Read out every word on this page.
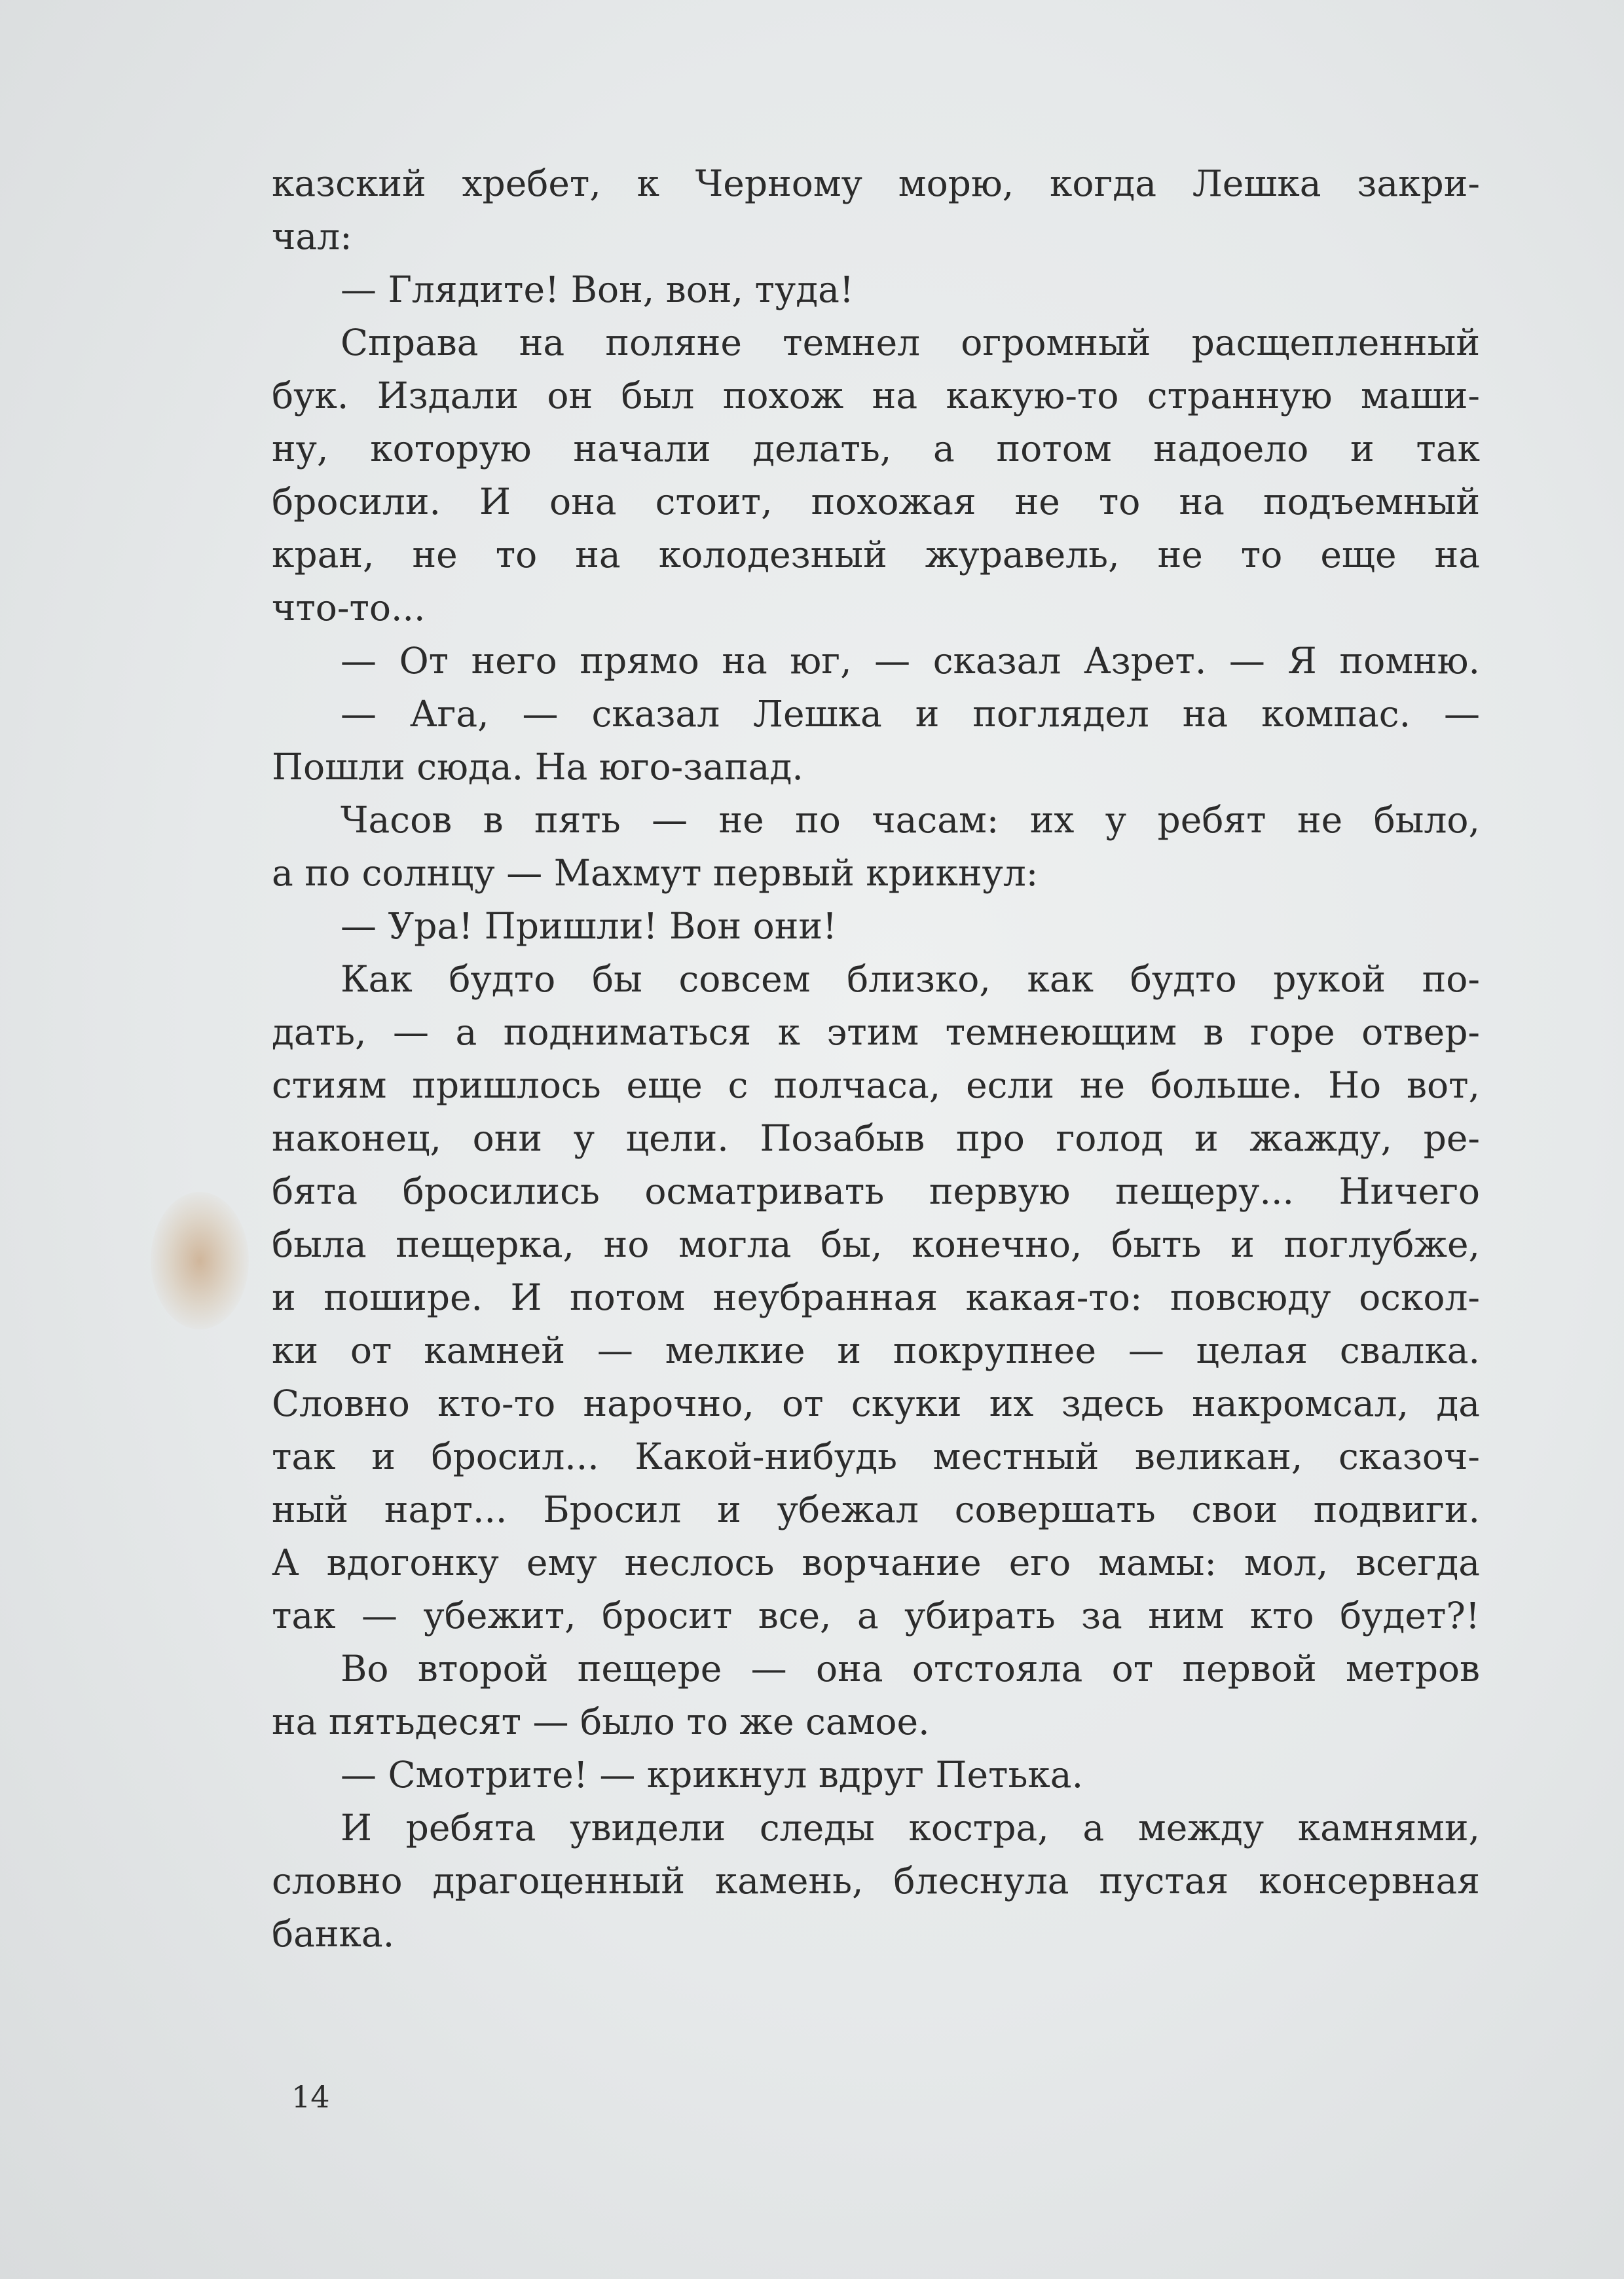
казский хребет, к Черному морю, когда Лешка закри-
чал:
— Глядите! Вон, вон, туда!
Справа на поляне темнел огромный расщепленный
бук. Издали он был похож на какую-то странную маши-
ну, которую начали делать, а потом надоело и так
бросили. И она стоит, похожая не то на подъемный
кран, не то на колодезный журавель, не то еще на
что-то...
— От него прямо на юг, — сказал Азрет. — Я помню.
— Ага, — сказал Лешка и поглядел на компас. —
Пошли сюда. На юго-запад.
Часов в пять — не по часам: их у ребят не было,
а по солнцу — Махмут первый крикнул:
— Ура! Пришли! Вон они!
Как будто бы совсем близко, как будто рукой по-
дать, — а подниматься к этим темнеющим в горе отвер-
стиям пришлось еще с полчаса, если не больше. Но вот,
наконец, они у цели. Позабыв про голод и жажду, ре-
бята бросились осматривать первую пещеру... Ничего
была пещерка, но могла бы, конечно, быть и поглубже,
и пошире. И потом неубранная какая-то: повсюду оскол-
ки от камней — мелкие и покрупнее — целая свалка.
Словно кто-то нарочно, от скуки их здесь накромсал, да
так и бросил... Какой-нибудь местный великан, сказоч-
ный нарт... Бросил и убежал совершать свои подвиги.
А вдогонку ему неслось ворчание его мамы: мол, всегда
так — убежит, бросит все, а убирать за ним кто будет?!
Во второй пещере — она отстояла от первой метров
на пятьдесят — было то же самое.
— Смотрите! — крикнул вдруг Петька.
И ребята увидели следы костра, а между камнями,
словно драгоценный камень, блеснула пустая консервная
банка.
14
